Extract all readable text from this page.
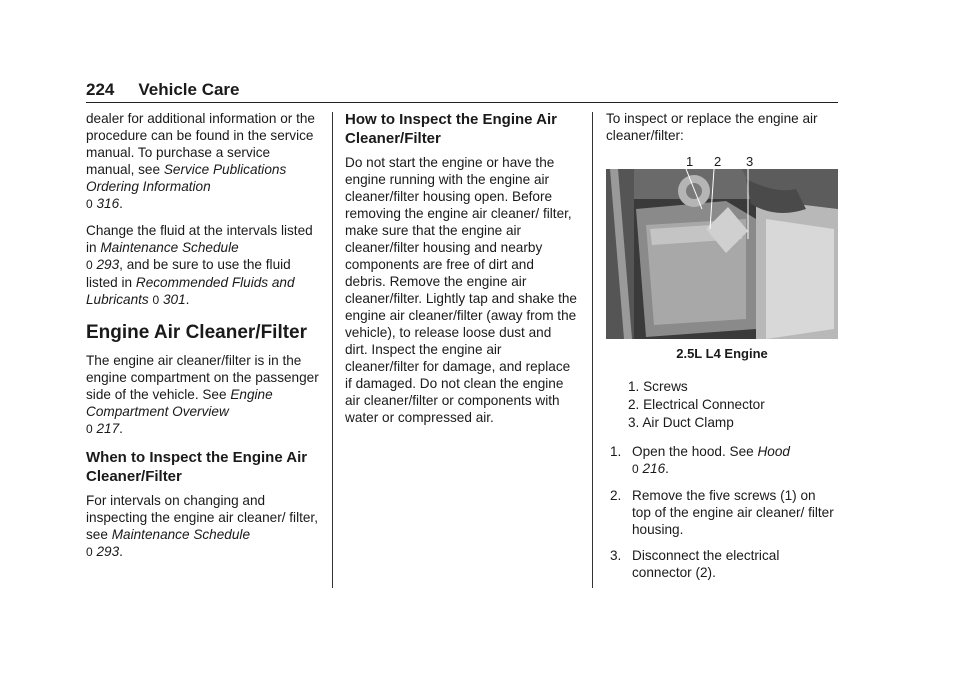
224 Vehicle Care

dealer for additional information or the procedure can be found in the service manual. To purchase a service manual, see Service Publications Ordering Information
0 316.

Change the fluid at the intervals listed in Maintenance Schedule
0 293, and be sure to use the fluid listed in Recommended Fluids and Lubricants 0 301.

Engine Air Cleaner/Filter

The engine air cleaner/filter is in the engine compartment on the passenger side of the vehicle. See Engine Compartment Overview
0 217.

When to Inspect the Engine Air Cleaner/Filter

For intervals on changing and inspecting the engine air cleaner/ filter, see Maintenance Schedule
0 293.

How to Inspect the Engine Air Cleaner/Filter

Do not start the engine or have the engine running with the engine air cleaner/filter housing open. Before removing the engine air cleaner/ filter, make sure that the engine air cleaner/filter housing and nearby components are free of dirt and debris. Remove the engine air cleaner/filter. Lightly tap and shake the engine air cleaner/filter (away from the vehicle), to release loose dust and dirt. Inspect the engine air cleaner/filter for damage, and replace if damaged. Do not clean the engine air cleaner/filter or components with water or compressed air.

To inspect or replace the engine air cleaner/filter:

1 2 3
2.5L L4 Engine
1. Screws
2. Electrical Connector
3. Air Duct Clamp
1. Open the hood. See Hood
0 216.
2. Remove the five screws (1) on top of the engine air cleaner/ filter housing.
3. Disconnect the electrical connector (2).
